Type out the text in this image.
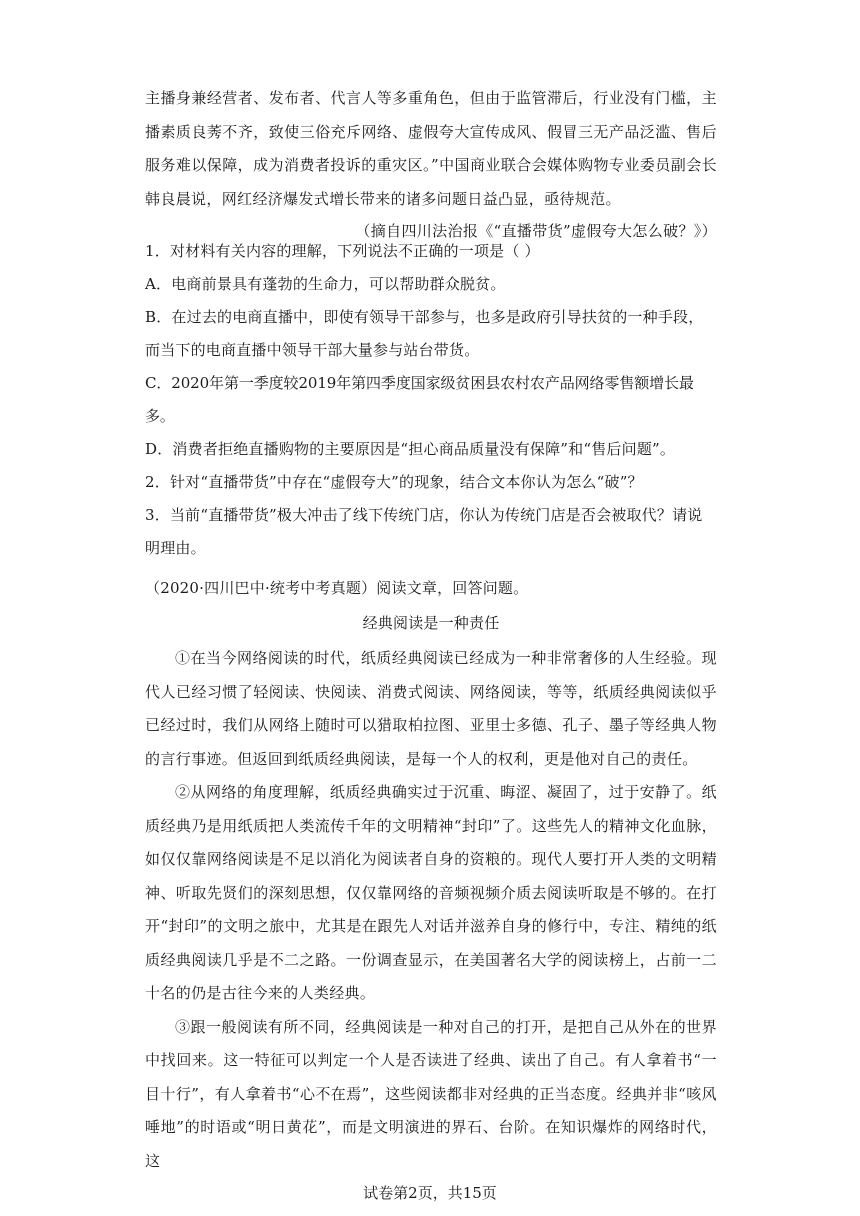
主播身兼经营者、发布者、代言人等多重角色，但由于监管滞后，行业没有门槛，主播素质良莠不齐，致使三俗充斥网络、虚假夸大宣传成风、假冒三无产品泛滥、售后服务难以保障，成为消费者投诉的重灾区。”中国商业联合会媒体购物专业委员副会长韩良晨说，网红经济爆发式增长带来的诸多问题日益凸显，亟待规范。

（摘自四川法治报《“直播带货”虚假夸大怎么破？》）

1．对材料有关内容的理解，下列说法不正确的一项是（ ）

A．电商前景具有蓬勃的生命力，可以帮助群众脱贫。

B．在过去的电商直播中，即使有领导干部参与，也多是政府引导扶贫的一种手段，而当下的电商直播中领导干部大量参与站台带货。

C．2020年第一季度较2019年第四季度国家级贫困县农村农产品网络零售额增长最多。

D．消费者拒绝直播购物的主要原因是“担心商品质量没有保障”和“售后问题”。

2．针对“直播带货”中存在“虚假夸大”的现象，结合文本你认为怎么“破”？

3．当前“直播带货”极大冲击了线下传统门店，你认为传统门店是否会被取代？请说明理由。

（2020·四川巴中·统考中考真题）阅读文章，回答问题。

经典阅读是一种责任

①在当今网络阅读的时代，纸质经典阅读已经成为一种非常奢侈的人生经验。现代人已经习惯了轻阅读、快阅读、消费式阅读、网络阅读，等等，纸质经典阅读似乎已经过时，我们从网络上随时可以猎取柏拉图、亚里士多德、孔子、墨子等经典人物的言行事迹。但返回到纸质经典阅读，是每一个人的权利，更是他对自己的责任。

②从网络的角度理解，纸质经典确实过于沉重、晦涩、凝固了，过于安静了。纸质经典乃是用纸质把人类流传千年的文明精神“封印”了。这些先人的精神文化血脉，如仅仅靠网络阅读是不足以消化为阅读者自身的资粮的。现代人要打开人类的文明精神、听取先贤们的深刻思想，仅仅靠网络的音频视频介质去阅读听取是不够的。在打开“封印”的文明之旅中，尤其是在跟先人对话并滋养自身的修行中，专注、精纯的纸质经典阅读几乎是不二之路。一份调查显示，在美国著名大学的阅读榜上，占前一二十名的仍是古往今来的人类经典。

③跟一般阅读有所不同，经典阅读是一种对自己的打开，是把自己从外在的世界中找回来。这一特征可以判定一个人是否读进了经典、读出了自己。有人拿着书“一目十行”，有人拿着书“心不在焉”，这些阅读都非对经典的正当态度。经典并非“咳风唾地”的时语或“明日黄花”，而是文明演进的界石、台阶。在知识爆炸的网络时代，这

试卷第2页，共15页
